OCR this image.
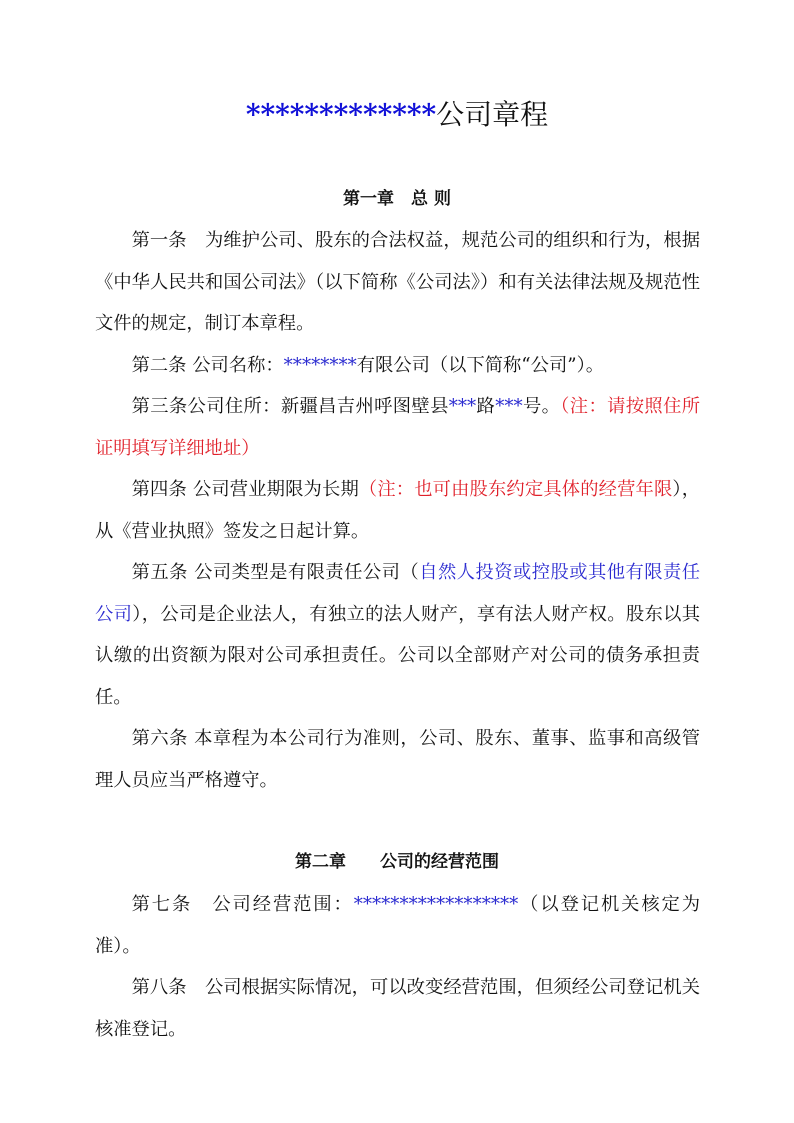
*************公司章程
第一章　总 则

第一条　为维护公司、股东的合法权益，规范公司的组织和行为，根据《中华人民共和国公司法》（以下简称《公司法》）和有关法律法规及规范性文件的规定，制订本章程。

第二条 公司名称：********有限公司（以下简称“公司”）。

第三条公司住所：新疆昌吉州呼图壁县***路***号。（注：请按照住所证明填写详细地址）

第四条 公司营业期限为长期（注：也可由股东约定具体的经营年限），从《营业执照》签发之日起计算。

第五条 公司类型是有限责任公司（自然人投资或控股或其他有限责任公司），公司是企业法人，有独立的法人财产，享有法人财产权。股东以其认缴的出资额为限对公司承担责任。公司以全部财产对公司的债务承担责任。

第六条 本章程为本公司行为准则，公司、股东、董事、监事和高级管理人员应当严格遵守。

第二章　　公司的经营范围

第七条　公司经营范围：******************（以登记机关核定为准）。

第八条　公司根据实际情况，可以改变经营范围，但须经公司登记机关核准登记。
